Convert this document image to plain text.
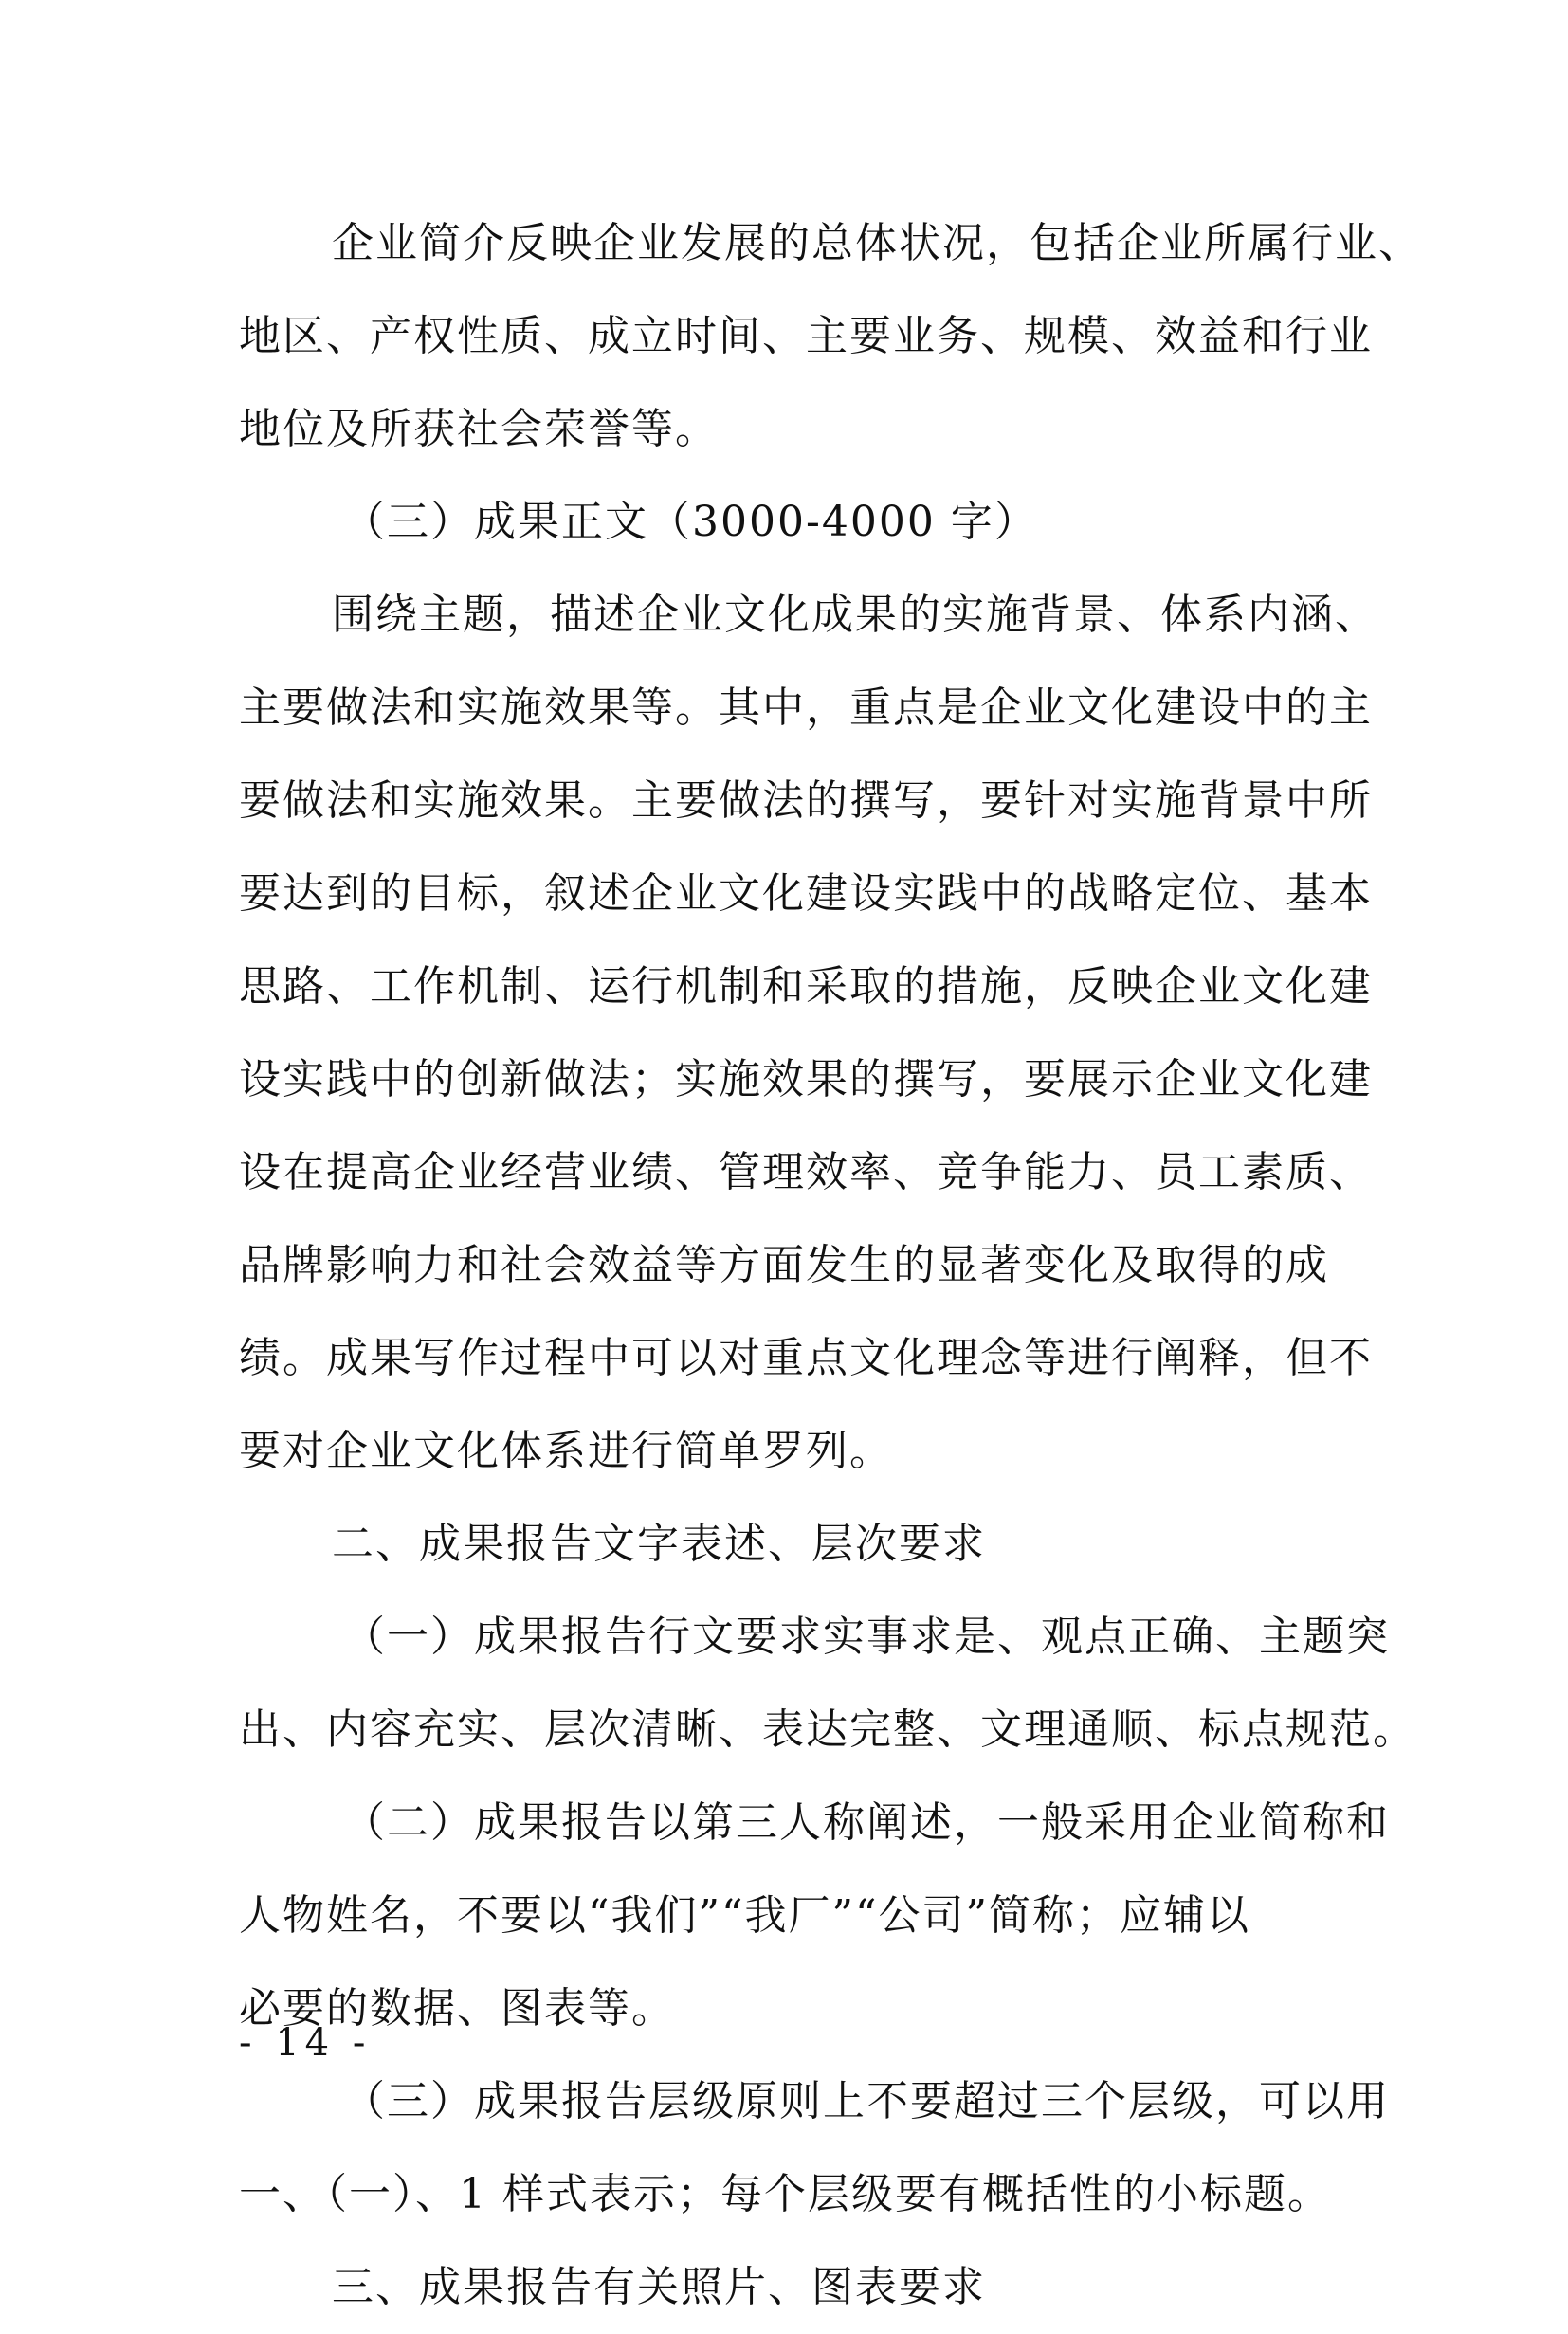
企业简介反映企业发展的总体状况，包括企业所属行业、
地区、产权性质、成立时间、主要业务、规模、效益和行业
地位及所获社会荣誉等。
（三）成果正文（3000-4000 字）
围绕主题，描述企业文化成果的实施背景、体系内涵、
主要做法和实施效果等。其中，重点是企业文化建设中的主
要做法和实施效果。主要做法的撰写，要针对实施背景中所
要达到的目标，叙述企业文化建设实践中的战略定位、基本
思路、工作机制、运行机制和采取的措施，反映企业文化建
设实践中的创新做法；实施效果的撰写，要展示企业文化建
设在提高企业经营业绩、管理效率、竞争能力、员工素质、
品牌影响力和社会效益等方面发生的显著变化及取得的成
绩。成果写作过程中可以对重点文化理念等进行阐释，但不
要对企业文化体系进行简单罗列。
二、成果报告文字表述、层次要求
（一）成果报告行文要求实事求是、观点正确、主题突
出、内容充实、层次清晰、表达完整、文理通顺、标点规范。
（二）成果报告以第三人称阐述，一般采用企业简称和
人物姓名，不要以“我们”“我厂”“公司”简称；应辅以
必要的数据、图表等。
（三）成果报告层级原则上不要超过三个层级，可以用
一、（一）、1 样式表示；每个层级要有概括性的小标题。
三、成果报告有关照片、图表要求
- 14 -
